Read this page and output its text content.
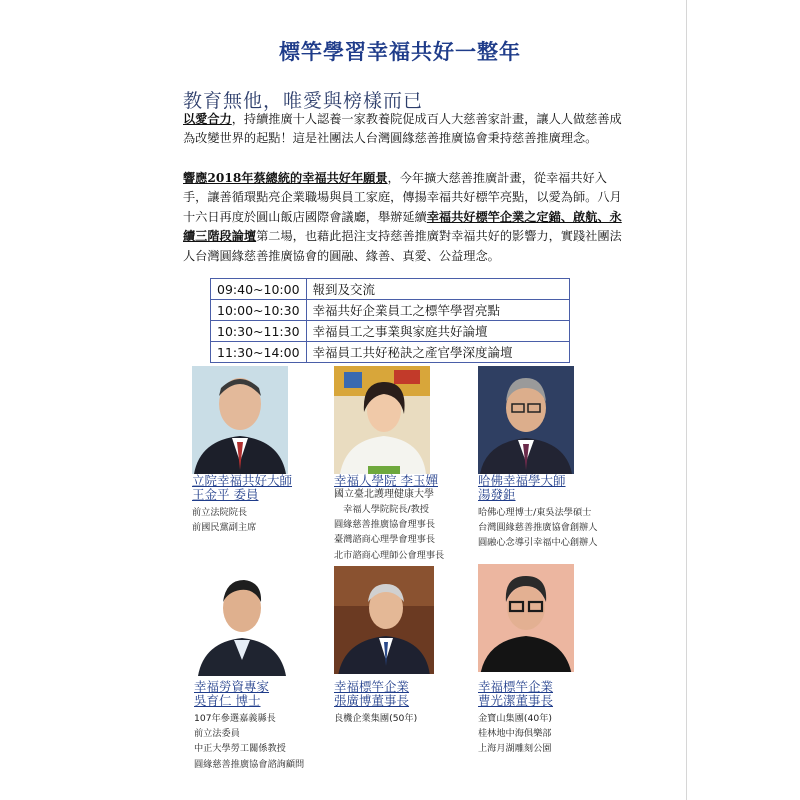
標竿學習幸福共好一整年
教育無他，唯愛與榜樣而已
以愛合力，持續推廣十人認養一家教養院促成百人大慈善家計畫，讓人人做慈善成為改變世界的起點！這是社團法人台灣圓緣慈善推廣協會秉持慈善推廣理念。
響應2018年蔡總統的幸福共好年願景，今年擴大慈善推廣計畫，從幸福共好入手，讓善循環點亮企業職場與員工家庭，傳揚幸福共好標竿亮點，以愛為師。八月十六日再度於圓山飯店國際會議廳，舉辦延續幸福共好標竿企業之定錨、啟航、永續三階段論壇第二場，也藉此挹注支持慈善推廣對幸福共好的影響力，實踐社團法人台灣圓緣慈善推廣協會的圓融、緣善、真愛、公益理念。
09:40~10:00	報到及交流
10:00~10:30	幸福共好企業員工之標竿學習亮點
10:30~11:30	幸福員工之事業與家庭共好論壇
11:30~14:00	幸福員工共好秘訣之產官學深度論壇
立院幸福共好大師
王金平 委員
前立法院院長
前國民黨副主席
幸福人學院 李玉嬋
國立臺北護理健康大學
　幸福人學院院長/教授
圓緣慈善推廣協會理事長
臺灣諮商心理學會理事長
北市諮商心理師公會理事長
哈佛幸福學大師
湯發鉅
哈佛心理博士/東吳法學碩士
台灣圓緣慈善推廣協會創辦人
圓融心念導引幸福中心創辦人
幸福勞資專家
吳育仁 博士
107年參選嘉義縣長
前立法委員
中正大學勞工關係教授
圓緣慈善推廣協會諮詢顧問
幸福標竿企業
張廣博董事長
良機企業集團(50年)
幸福標竿企業
曹光潔董事長
金寶山集團(40年)
桂林地中海俱樂部
上海月湖雕刻公園
